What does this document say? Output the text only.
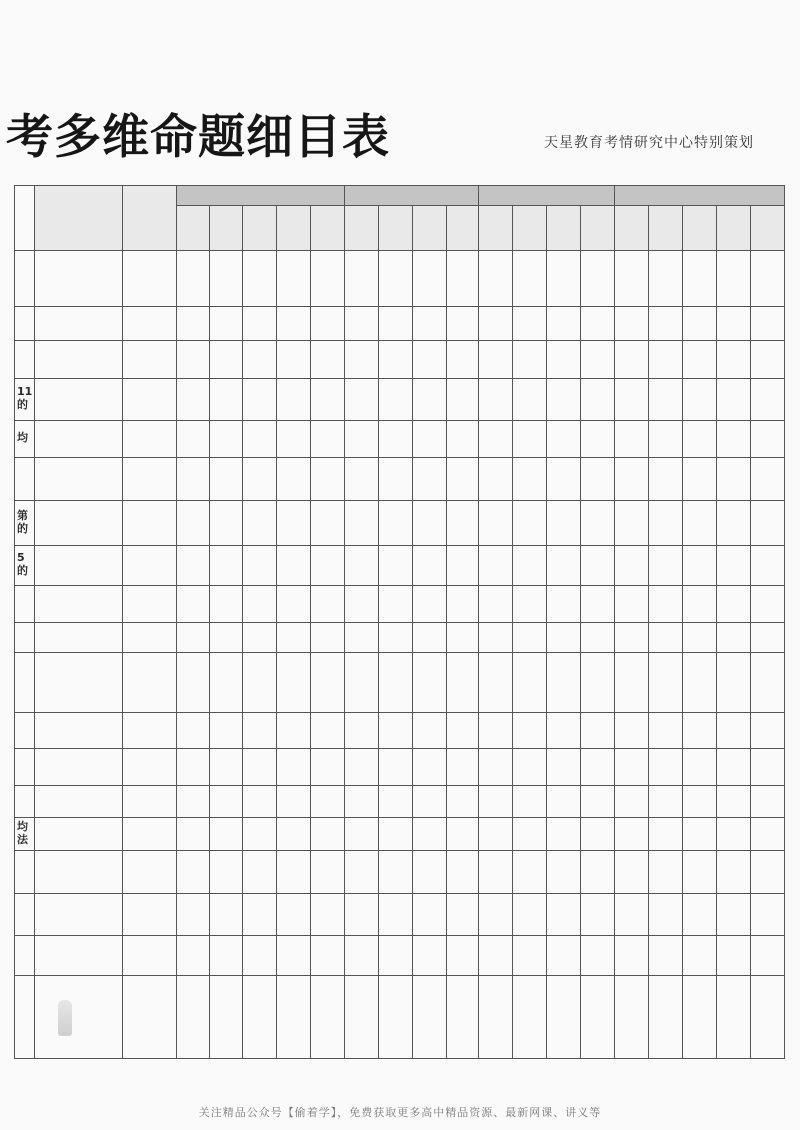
考多维命题细目表	天星教育考情研究中心特别策划
11
的
均
第
的
5
的
均
法
关注精品公众号【偷着学】，免费获取更多高中精品资源、最新网课、讲义等
